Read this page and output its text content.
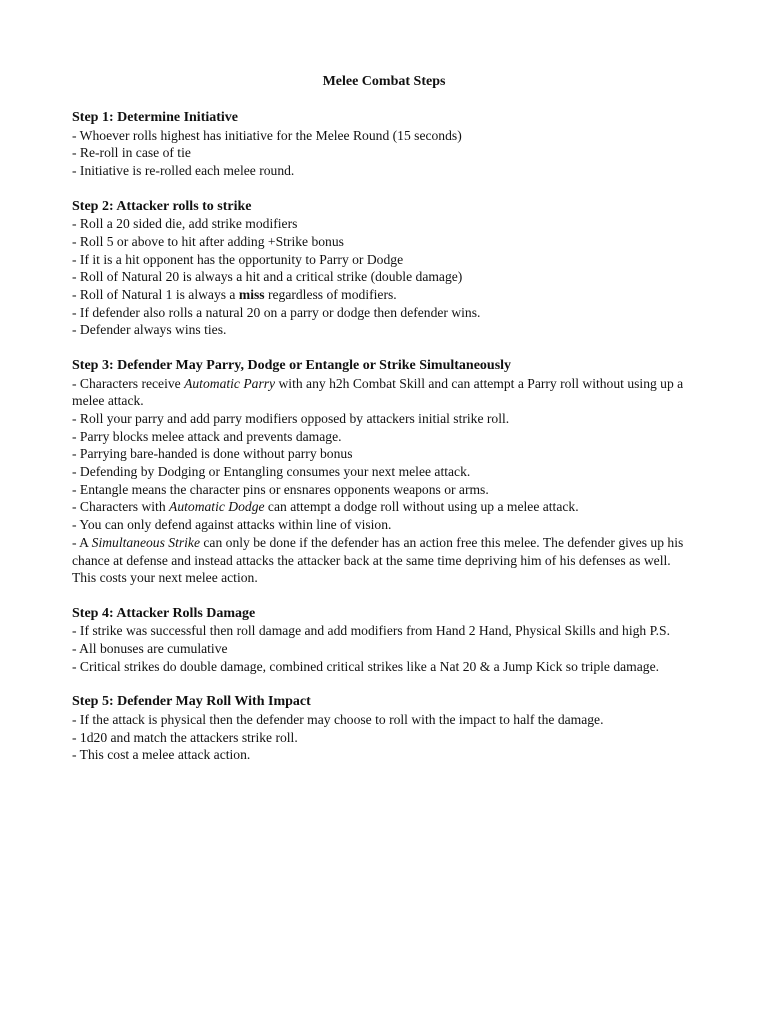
Melee Combat Steps
Step 1: Determine Initiative
- Whoever rolls highest has initiative for the Melee Round (15 seconds)
- Re-roll in case of tie
- Initiative is re-rolled each melee round.
Step 2: Attacker rolls to strike
- Roll a 20 sided die, add strike modifiers
- Roll 5 or above to hit after adding +Strike bonus
- If it is a hit opponent has the opportunity to Parry or Dodge
- Roll of Natural 20 is always a hit and a critical strike (double damage)
- Roll of Natural 1 is always a miss regardless of modifiers.
- If defender also rolls a natural 20 on a parry or dodge then defender wins.
- Defender always wins ties.
Step 3: Defender May Parry, Dodge or Entangle or Strike Simultaneously
- Characters receive Automatic Parry with any h2h Combat Skill and can attempt a Parry roll without using up a melee attack.
- Roll your parry and add parry modifiers opposed by attackers initial strike roll.
- Parry blocks melee attack and prevents damage.
- Parrying bare-handed is done without parry bonus
- Defending by Dodging or Entangling consumes your next melee attack.
- Entangle means the character pins or ensnares opponents weapons or arms.
- Characters with Automatic Dodge can attempt a dodge roll without using up a melee attack.
- You can only defend against attacks within line of vision.
- A Simultaneous Strike can only be done if the defender has an action free this melee. The defender gives up his chance at defense and instead attacks the attacker back at the same time depriving him of his defenses as well. This costs your next melee action.
Step 4: Attacker Rolls Damage
- If strike was successful then roll damage and add modifiers from Hand 2 Hand, Physical Skills and high P.S.
- All bonuses are cumulative
- Critical strikes do double damage, combined critical strikes like a Nat 20 & a Jump Kick so triple damage.
Step 5: Defender May Roll With Impact
- If the attack is physical then the defender may choose to roll with the impact to half the damage.
- 1d20 and match the attackers strike roll.
- This cost a melee attack action.
